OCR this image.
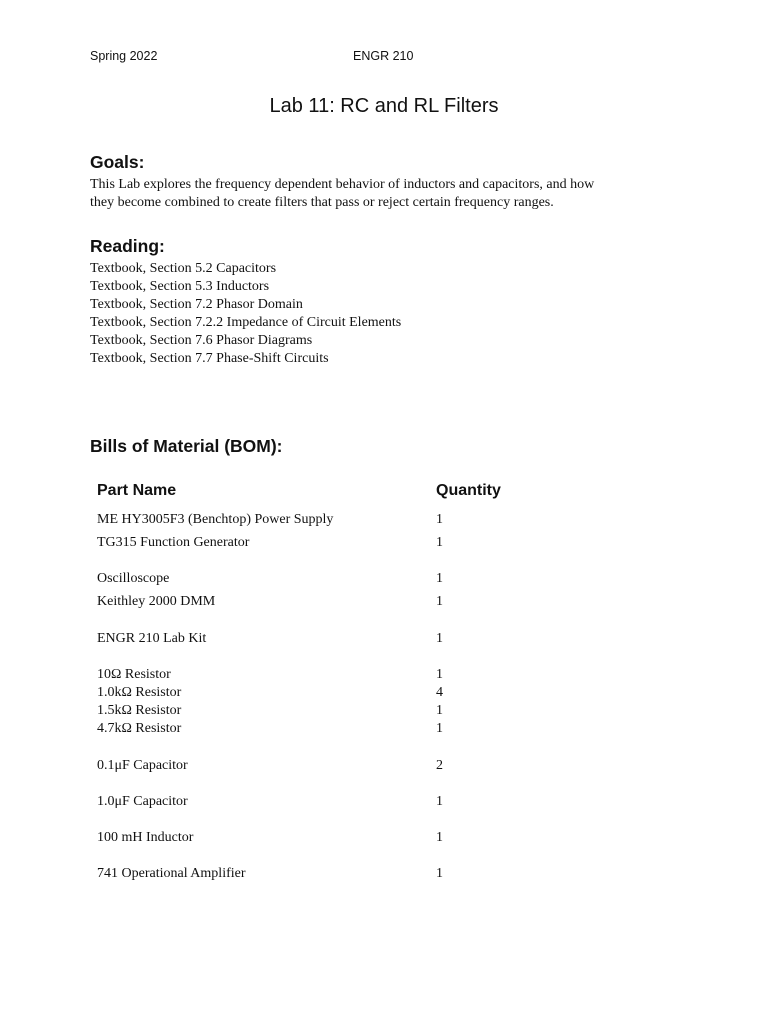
Spring 2022	ENGR 210
Lab 11: RC and RL Filters
Goals:
This Lab explores the frequency dependent behavior of inductors and capacitors, and how
they become combined to create filters that pass or reject certain frequency ranges.
Reading:
Textbook, Section 5.2 Capacitors
Textbook, Section 5.3 Inductors
Textbook, Section 7.2 Phasor Domain
Textbook, Section 7.2.2 Impedance of Circuit Elements
Textbook, Section 7.6 Phasor Diagrams
Textbook, Section 7.7 Phase-Shift Circuits
Bills of Material (BOM):
Part Name	Quantity
ME HY3005F3 (Benchtop) Power Supply	1
TG315 Function Generator	1
Oscilloscope	1
Keithley 2000 DMM	1
ENGR 210 Lab Kit	1
10Ω Resistor	1
1.0kΩ Resistor	4
1.5kΩ Resistor	1
4.7kΩ Resistor	1
0.1μF Capacitor	2
1.0μF Capacitor	1
100 mH Inductor	1
741 Operational Amplifier	1
